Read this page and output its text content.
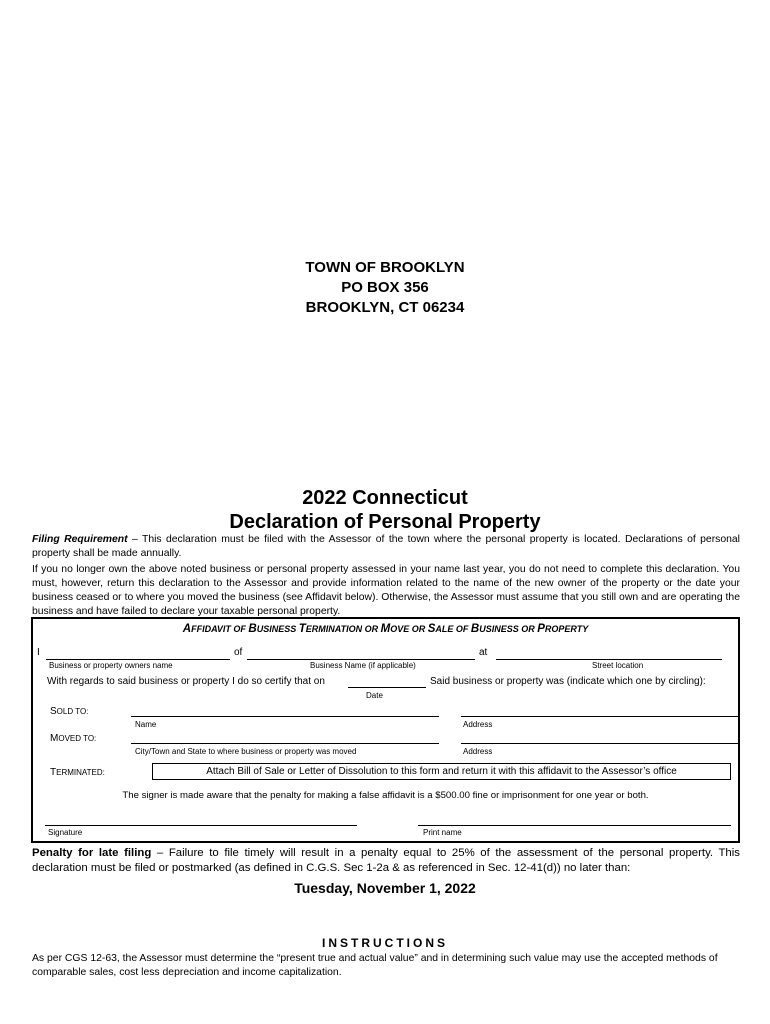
TOWN OF BROOKLYN
PO BOX 356
BROOKLYN, CT 06234
2022 Connecticut
Declaration of Personal Property
Filing Requirement – This declaration must be filed with the Assessor of the town where the personal property is located. Declarations of personal property shall be made annually.
If you no longer own the above noted business or personal property assessed in your name last year, you do not need to complete this declaration. You must, however, return this declaration to the Assessor and provide information related to the name of the new owner of the property or the date your business ceased or to where you moved the business (see Affidavit below). Otherwise, the Assessor must assume that you still own and are operating the business and have failed to declare your taxable personal property.
AFFIDAVIT OF BUSINESS TERMINATION OR MOVE OR SALE OF BUSINESS OR PROPERTY
I	of	at
Business or property owners name	Business Name (if applicable)	Street location
With regards to said business or property I do so certify that on	Said business or property was (indicate which one by circling):
Date
SOLD TO:
Name	Address
MOVED TO:
City/Town and State to where business or property was moved	Address
TERMINATED:	Attach Bill of Sale or Letter of Dissolution to this form and return it with this affidavit to the Assessor’s office
The signer is made aware that the penalty for making a false affidavit is a $500.00 fine or imprisonment for one year or both.
Signature	Print name
Penalty for late filing – Failure to file timely will result in a penalty equal to 25% of the assessment of the personal property. This declaration must be filed or postmarked (as defined in C.G.S. Sec 1-2a & as referenced in Sec. 12-41(d)) no later than:
Tuesday, November 1, 2022
INSTRUCTIONS
As per CGS 12-63, the Assessor must determine the “present true and actual value” and in determining such value may use the accepted methods of comparable sales, cost less depreciation and income capitalization.
